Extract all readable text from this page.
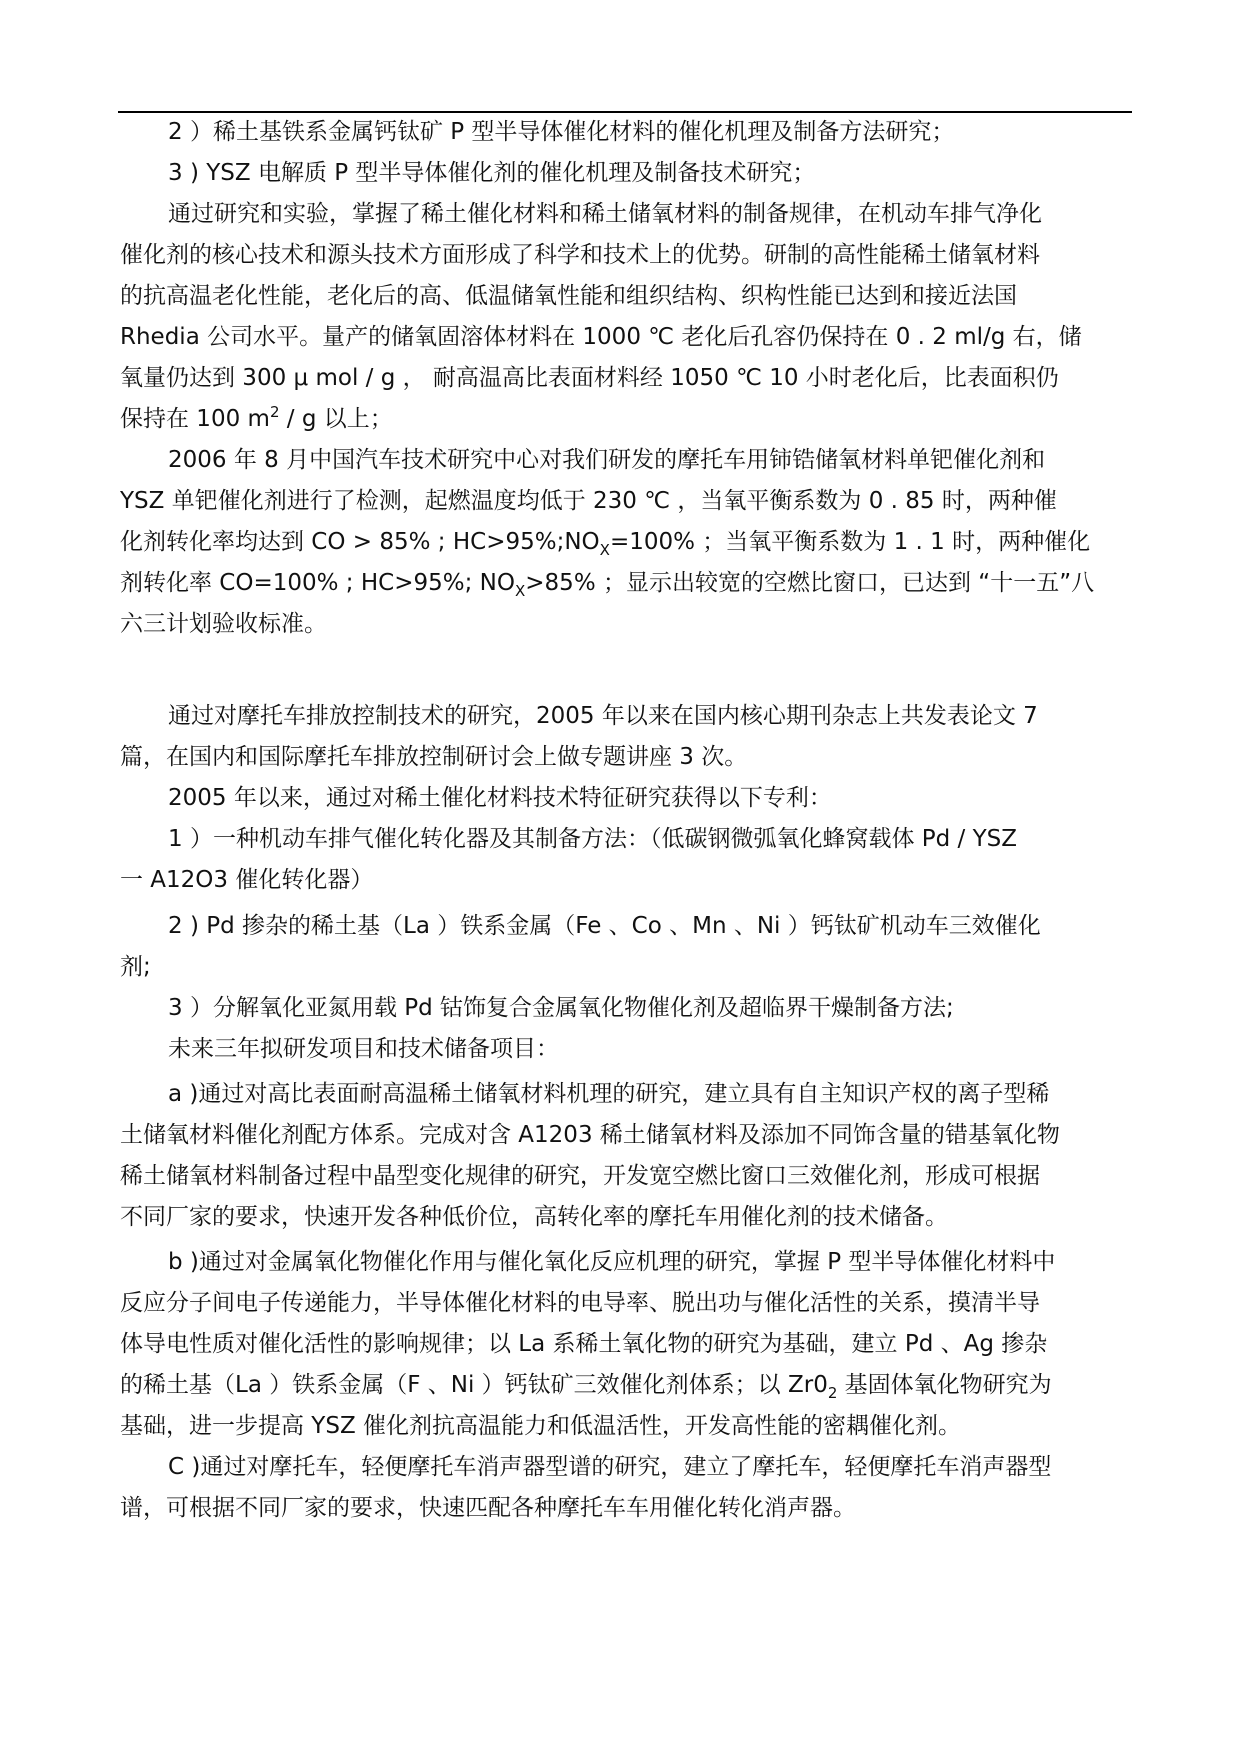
2 ）稀土基铁系金属钙钛矿 P 型半导体催化材料的催化机理及制备方法研究；
3 ) YSZ 电解质 P 型半导体催化剂的催化机理及制备技术研究；
通过研究和实验，掌握了稀土催化材料和稀土储氧材料的制备规律，在机动车排气净化
催化剂的核心技术和源头技术方面形成了科学和技术上的优势。研制的高性能稀土储氧材料
的抗高温老化性能，老化后的高、低温储氧性能和组织结构、织构性能已达到和接近法国
Rhedia 公司水平。量产的储氧固溶体材料在 1000 ℃ 老化后孔容仍保持在 0 . 2 ml/g 右，储
氧量仍达到 300 μ mol / g ， 耐高温高比表面材料经 1050 ℃ 10 小时老化后，比表面积仍
保持在 100 $m^2$ / g 以上；
2006 年 8 月中国汽车技术研究中心对我们研发的摩托车用铈锆储氧材料单钯催化剂和
YSZ 单钯催化剂进行了检测，起燃温度均低于 230 ℃ ，当氧平衡系数为 0 . 85 时，两种催
化剂转化率均达到 CO > 85% ; $HC>95\%;NO_X=100\%$ ；当氧平衡系数为 1 . 1 时，两种催化
剂转化率 CO=100% ; HC>95%; $NO_X>85\%$ ；显示出较宽的空燃比窗口，已达到 “十一五”八
六三计划验收标准。
通过对摩托车排放控制技术的研究，2005 年以来在国内核心期刊杂志上共发表论文 7
篇，在国内和国际摩托车排放控制研讨会上做专题讲座 3 次。
2005 年以来，通过对稀土催化材料技术特征研究获得以下专利：
1 ）一种机动车排气催化转化器及其制备方法：（低碳钢微弧氧化蜂窝载体 Pd / YSZ
一 A12O3 催化转化器）
2 ) Pd 掺杂的稀土基（La ）铁系金属（Fe 、Co 、Mn 、Ni ）钙钛矿机动车三效催化
剂;
3 ）分解氧化亚氮用载 Pd 钴饰复合金属氧化物催化剂及超临界干燥制备方法;
未来三年拟研发项目和技术储备项目：
a )通过对高比表面耐高温稀土储氧材料机理的研究，建立具有自主知识产权的离子型稀
土储氧材料催化剂配方体系。完成对含 A1203 稀土储氧材料及添加不同饰含量的错基氧化物
稀土储氧材料制备过程中晶型变化规律的研究，开发宽空燃比窗口三效催化剂，形成可根据
不同厂家的要求，快速开发各种低价位，高转化率的摩托车用催化剂的技术储备。
b )通过对金属氧化物催化作用与催化氧化反应机理的研究，掌握 P 型半导体催化材料中
反应分子间电子传递能力，半导体催化材料的电导率、脱出功与催化活性的关系，摸清半导
体导电性质对催化活性的影响规律；以 La 系稀土氧化物的研究为基础，建立 Pd 、Ag 掺杂
的稀土基（La ）铁系金属（F 、Ni ）钙钛矿三效催化剂体系；以 $Zr0_2$ 基固体氧化物研究为
基础，进一步提高 YSZ 催化剂抗高温能力和低温活性，开发高性能的密耦催化剂。
C )通过对摩托车，轻便摩托车消声器型谱的研究，建立了摩托车，轻便摩托车消声器型
谱，可根据不同厂家的要求，快速匹配各种摩托车车用催化转化消声器。
